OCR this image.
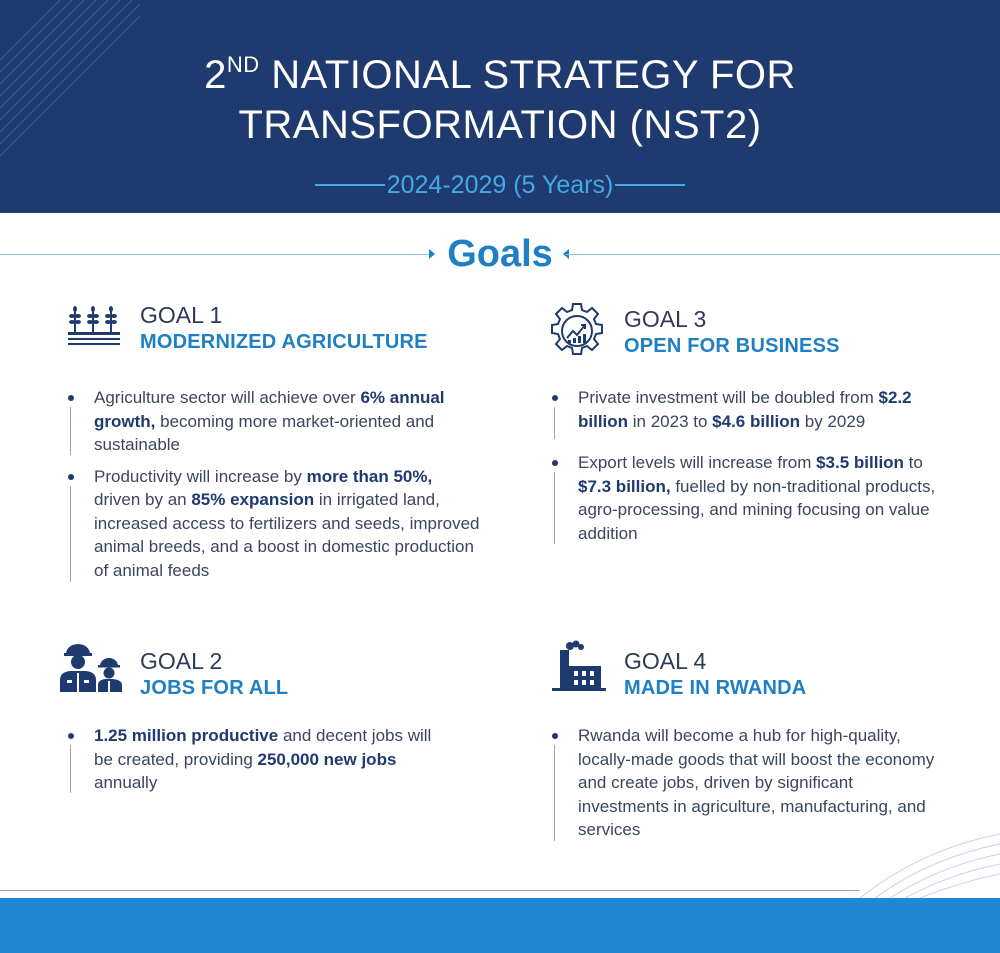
2ND NATIONAL STRATEGY FOR
TRANSFORMATION (NST2)
2024-2029 (5 Years)
Goals
GOAL 1
MODERNIZED AGRICULTURE
Agriculture sector will achieve over 6% annual growth, becoming more market-oriented and sustainable
Productivity will increase by more than 50%, driven by an 85% expansion in irrigated land, increased access to fertilizers and seeds, improved animal breeds, and a boost in domestic production of animal feeds
GOAL 2
JOBS FOR ALL
1.25 million productive and decent jobs will be created, providing 250,000 new jobs annually
GOAL 3
OPEN FOR BUSINESS
Private investment will be doubled from $2.2 billion in 2023 to $4.6 billion by 2029
Export levels will increase from $3.5 billion to $7.3 billion, fuelled by non-traditional products, agro-processing, and mining focusing on value addition
GOAL 4
MADE IN RWANDA
Rwanda will become a hub for high-quality, locally-made goods that will boost the economy and create jobs, driven by significant investments in agriculture, manufacturing, and services
